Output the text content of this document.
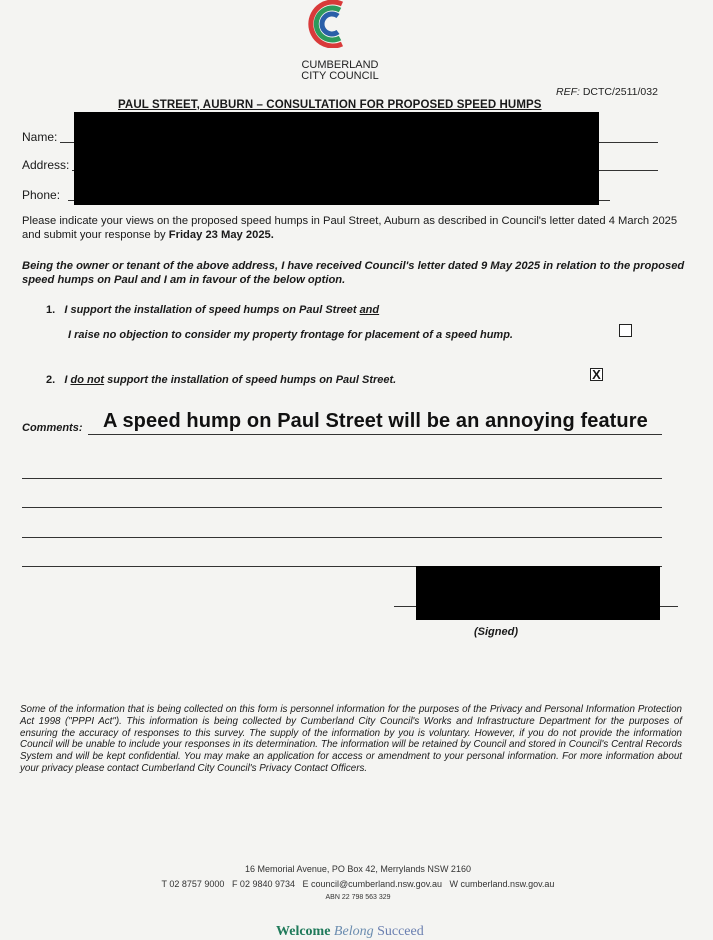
CUMBERLAND
CITY COUNCIL
REF: DCTC/2511/032
PAUL STREET, AUBURN – CONSULTATION FOR PROPOSED SPEED HUMPS
Name:
Address:
Phone:
Please indicate your views on the proposed speed humps in Paul Street, Auburn as described in Council's letter dated 4 March 2025 and submit your response by Friday 23 May 2025.
Being the owner or tenant of the above address, I have received Council's letter dated 9 May 2025 in relation to the proposed speed humps on Paul and I am in favour of the below option.
1. I support the installation of speed humps on Paul Street and
I raise no objection to consider my property frontage for placement of a speed hump.
2. I do not support the installation of speed humps on Paul Street.	X
Comments: A speed hump on Paul Street will be an annoying feature
(Signed)
Some of the information that is being collected on this form is personnel information for the purposes of the Privacy and Personal Information Protection Act 1998 ("PPPI Act"). This information is being collected by Cumberland City Council's Works and Infrastructure Department for the purposes of ensuring the accuracy of responses to this survey. The supply of the information by you is voluntary. However, if you do not provide the information Council will be unable to include your responses in its determination. The information will be retained by Council and stored in Council's Central Records System and will be kept confidential. You may make an application for access or amendment to your personal information. For more information about your privacy please contact Cumberland City Council's Privacy Contact Officers.
16 Memorial Avenue, PO Box 42, Merrylands NSW 2160
T 02 8757 9000   F 02 9840 9734   E council@cumberland.nsw.gov.au   W cumberland.nsw.gov.au
ABN 22 798 563 329
Welcome Belong Succeed
